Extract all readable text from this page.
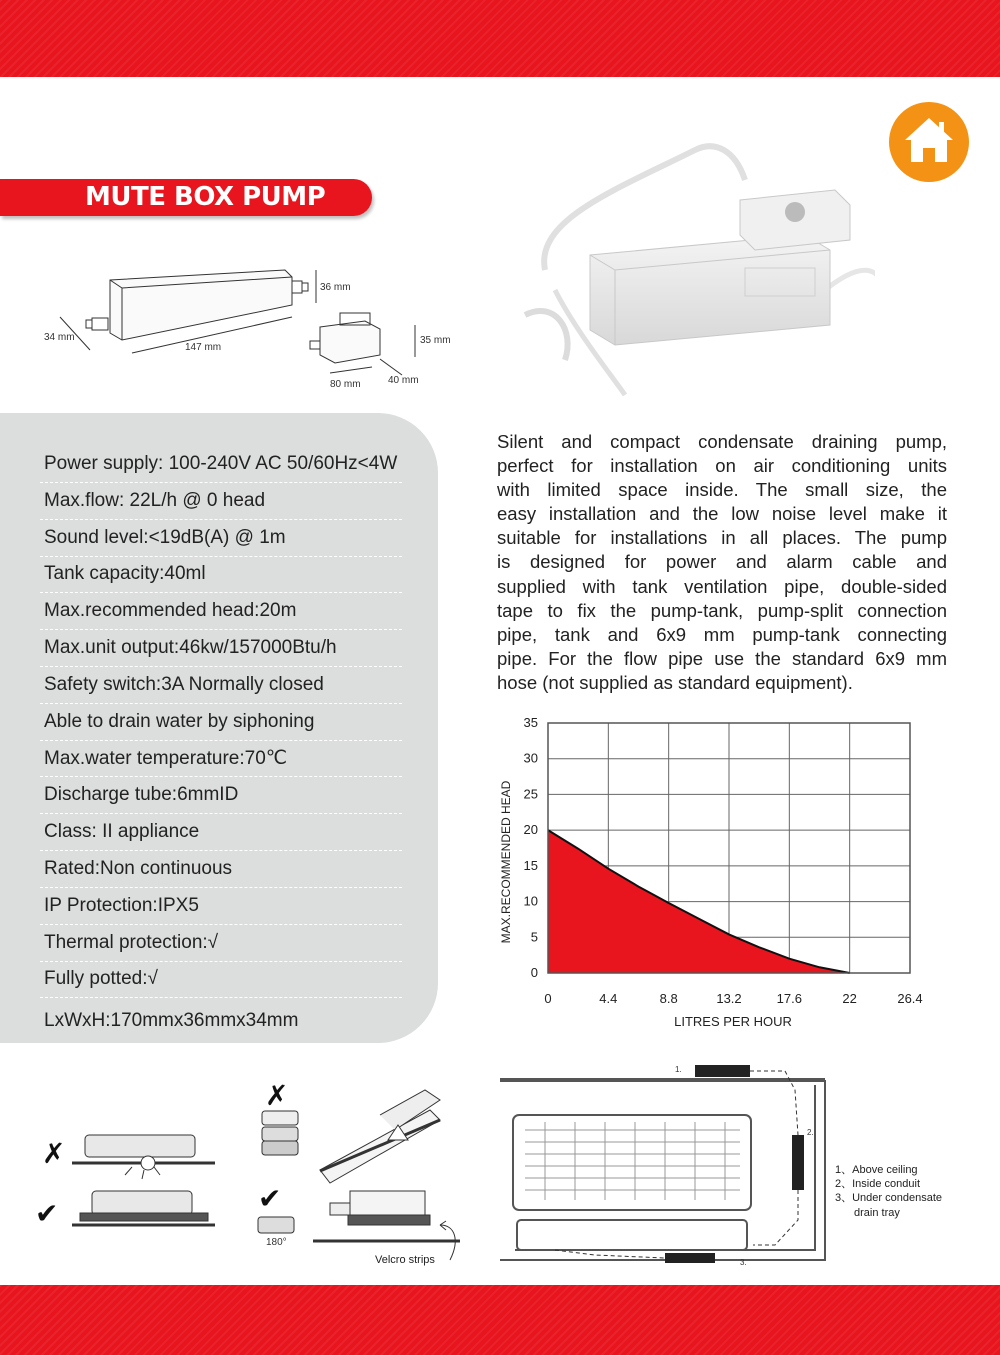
MUTE BOX PUMP
36 mm
147 mm
34 mm	35 mm
80 mm	40 mm
Power supply: 100-240V AC 50/60Hz<4W
Max.flow: 22L/h @ 0 head
Sound level:<19dB(A) @ 1m
Tank capacity:40ml
Max.recommended head:20m
Max.unit output:46kw/157000Btu/h
Safety switch:3A Normally closed
Able to drain water by siphoning
Max.water temperature:70℃
Discharge tube:6mmID
Class: II appliance
Rated:Non continuous
IP Protection:IPX5
Thermal protection:√
Fully potted:√
LxWxH:170mmx36mmx34mm
Silent and compact condensate draining pump,
perfect for installation on air conditioning units
with limited space inside. The small size, the
easy installation and the low noise level make it
suitable for installations in all places. The pump
is designed for power and alarm cable and
supplied with tank ventilation pipe, double-sided
tape to fix the pump-tank, pump-split connection
pipe, tank and 6x9 mm pump-tank connecting
pipe. For the flow pipe use the standard 6x9 mm
hose (not supplied as standard equipment).
0
5
10
15
20
25
30
35
0	4.4	8.8	13.2	17.6	22	26.4
LITRES PER HOUR
MAX.RECOMMENDED HEAD
✗
✔
✗
✔
180°
Velcro strips
1.
2.
3.
1、Above ceiling
2、Inside conduit
3、Under condensate
drain tray
